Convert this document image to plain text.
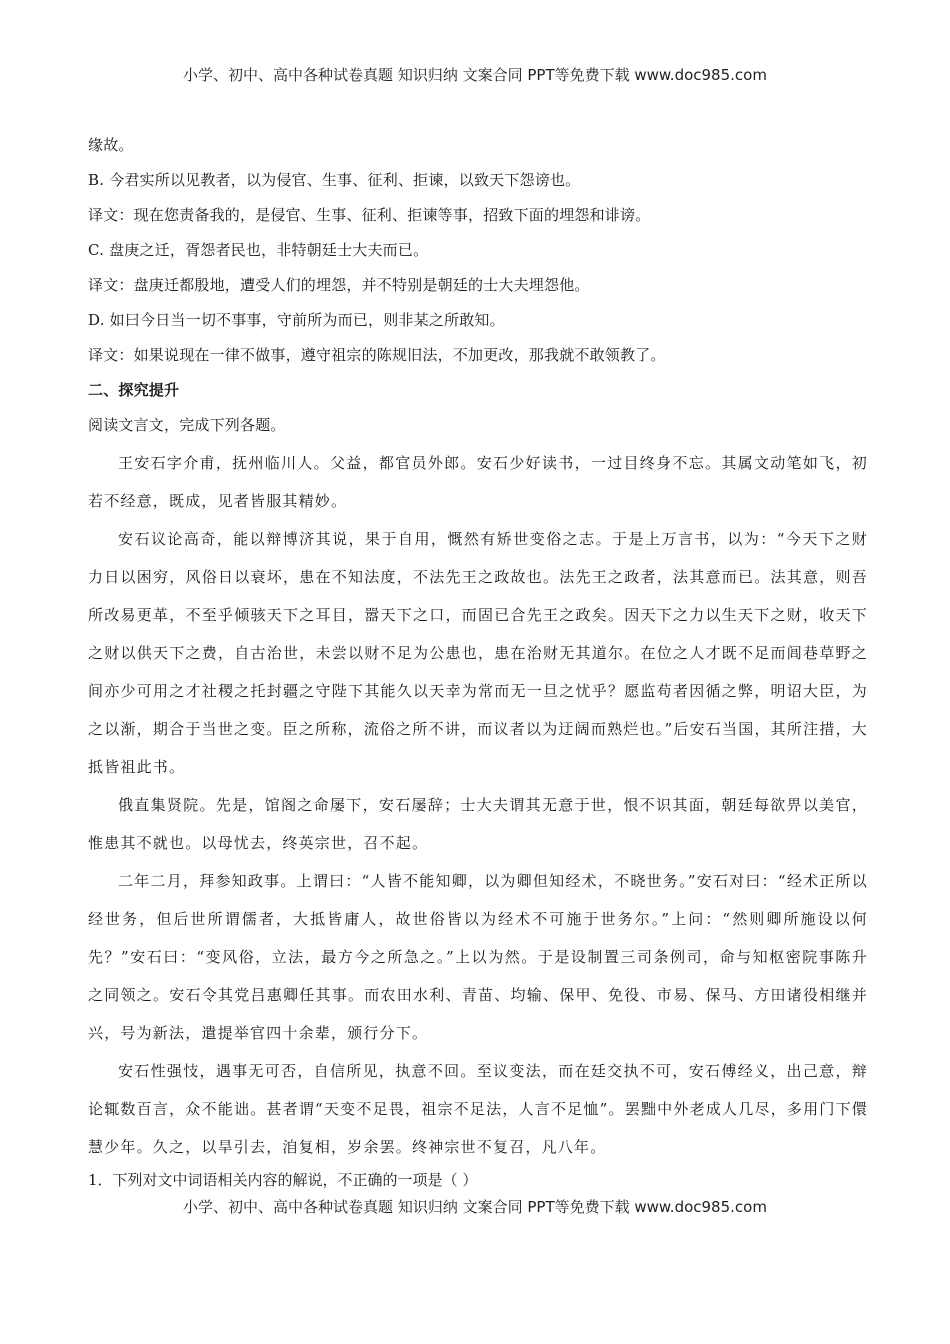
小学、初中、高中各种试卷真题 知识归纳 文案合同 PPT等免费下载 www.doc985.com
缘故。
B. 今君实所以见教者，以为侵官、生事、征利、拒谏，以致天下怨谤也。
译文：现在您责备我的，是侵官、生事、征利、拒谏等事，招致下面的埋怨和诽谤。
C. 盘庚之迁，胥怨者民也，非特朝廷士大夫而已。
译文：盘庚迁都殷地，遭受人们的埋怨，并不特别是朝廷的士大夫埋怨他。
D. 如曰今日当一切不事事，守前所为而已，则非某之所敢知。
译文：如果说现在一律不做事，遵守祖宗的陈规旧法，不加更改，那我就不敢领教了。
二、探究提升
阅读文言文，完成下列各题。

王安石字介甫，抚州临川人。父益，都官员外郎。安石少好读书，一过目终身不忘。其属文动笔如飞，初若不经意，既成，见者皆服其精妙。

安石议论高奇，能以辩博济其说，果于自用，慨然有矫世变俗之志。于是上万言书，以为：“今天下之财力日以困穷，风俗日以衰坏，患在不知法度，不法先王之政故也。法先王之政者，法其意而已。法其意，则吾所改易更革，不至乎倾骇天下之耳目，嚣天下之口，而固已合先王之政矣。因天下之力以生天下之财，收天下之财以供天下之费，自古治世，未尝以财不足为公患也，患在治财无其道尔。在位之人才既不足而闾巷草野之间亦少可用之才社稷之托封疆之守陛下其能久以天幸为常而无一旦之忧乎？愿监苟者因循之弊，明诏大臣，为之以渐，期合于当世之变。臣之所称，流俗之所不讲，而议者以为迂阔而熟烂也。”后安石当国，其所注措，大抵皆祖此书。

俄直集贤院。先是，馆阁之命屡下，安石屡辞；士大夫谓其无意于世，恨不识其面，朝廷每欲畀以美官，惟患其不就也。以母忧去，终英宗世，召不起。

二年二月，拜参知政事。上谓曰：“人皆不能知卿，以为卿但知经术，不晓世务。”安石对曰：“经术正所以经世务，但后世所谓儒者，大抵皆庸人，故世俗皆以为经术不可施于世务尔。”上问：“然则卿所施设以何先？”安石曰：“变风俗，立法，最方今之所急之。”上以为然。于是设制置三司条例司，命与知枢密院事陈升之同领之。安石令其党吕惠卿任其事。而农田水利、青苗、均输、保甲、免役、市易、保马、方田诸役相继并兴，号为新法，遣提举官四十余辈，颁行分下。

安石性强忮，遇事无可否，自信所见，执意不回。至议变法，而在廷交执不可，安石傅经义，出己意，辩论辄数百言，众不能诎。甚者谓“天变不足畏，祖宗不足法，人言不足恤”。罢黜中外老成人几尽，多用门下儇慧少年。久之，以旱引去，洎复相，岁余罢。终神宗世不复召，凡八年。

1．下列对文中词语相关内容的解说，不正确的一项是（ ）
小学、初中、高中各种试卷真题 知识归纳 文案合同 PPT等免费下载 www.doc985.com
